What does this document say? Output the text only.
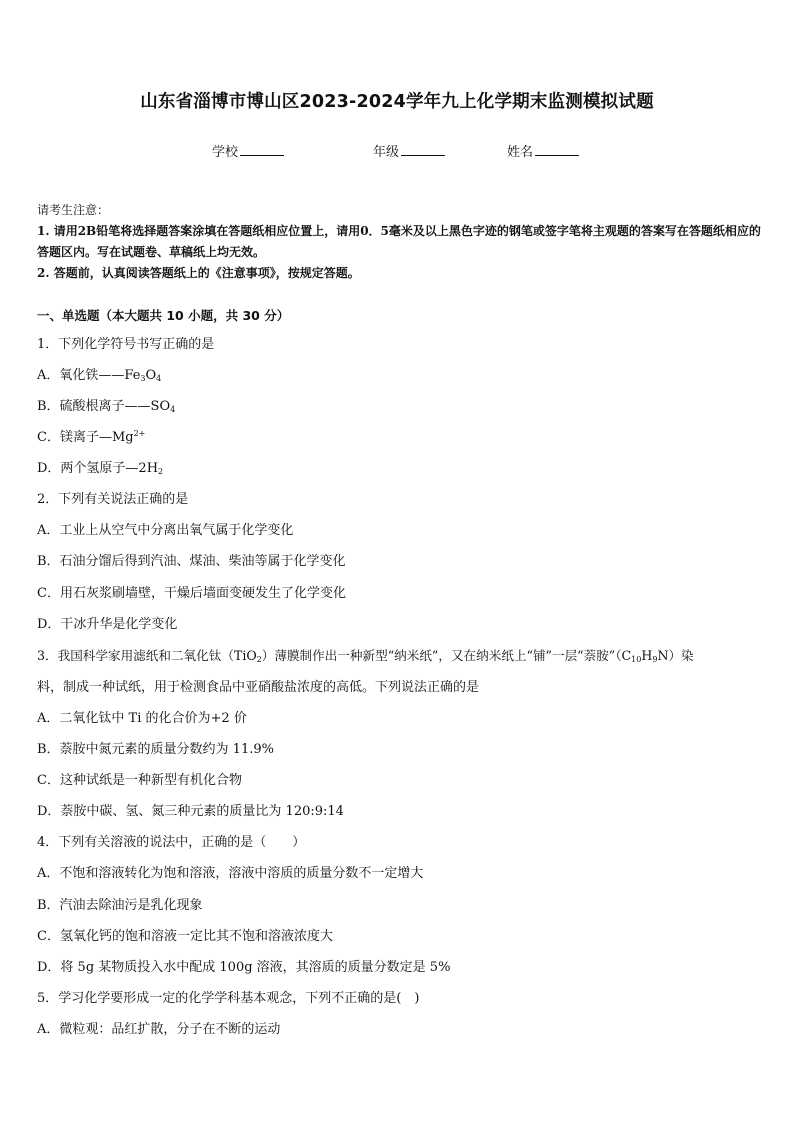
山东省淄博市博山区2023-2024学年九上化学期末监测模拟试题
学校	年级	姓名
请考生注意：
1. 请用2B铅笔将选择题答案涂填在答题纸相应位置上，请用0．5毫米及以上黑色字迹的钢笔或签字笔将主观题的答案写在答题纸相应的答题区内。写在试题卷、草稿纸上均无效。
2. 答题前，认真阅读答题纸上的《注意事项》，按规定答题。
一、单选题（本大题共 10 小题，共 30 分）
1．下列化学符号书写正确的是
A．氧化铁$——Fe_3O_4$
B．硫酸根离子$——SO_4$
C．镁离子$—Mg^{2+}$
D．两个氢原子$—2H_2$
2．下列有关说法正确的是
A．工业上从空气中分离出氧气属于化学变化
B．石油分馏后得到汽油、煤油、柴油等属于化学变化
C．用石灰浆刷墙壁，干燥后墙面变硬发生了化学变化
D．干冰升华是化学变化
3．我国科学家用滤纸和二氧化钛（TiO$_2$）薄膜制作出一种新型“纳米纸”，又在纳米纸上“铺”一层“萘胺$”(C_{10}H_9N)$染
料，制成一种试纸，用于检测食品中亚硝酸盐浓度的高低。下列说法正确的是
A．二氧化钛中 Ti 的化合价为+2 价
B．萘胺中氮元素的质量分数约为 11.9%
C．这种试纸是一种新型有机化合物
D．萘胺中碳、氢、氮三种元素的质量比为 120:9:14
4．下列有关溶液的说法中，正确的是（　　）
A．不饱和溶液转化为饱和溶液，溶液中溶质的质量分数不一定增大
B．汽油去除油污是乳化现象
C．氢氧化钙的饱和溶液一定比其不饱和溶液浓度大
D．将 5g 某物质投入水中配成 100g 溶液，其溶质的质量分数定是 5%
5．学习化学要形成一定的化学学科基本观念，下列不正确的是(　)
A．微粒观：品红扩散，分子在不断的运动
